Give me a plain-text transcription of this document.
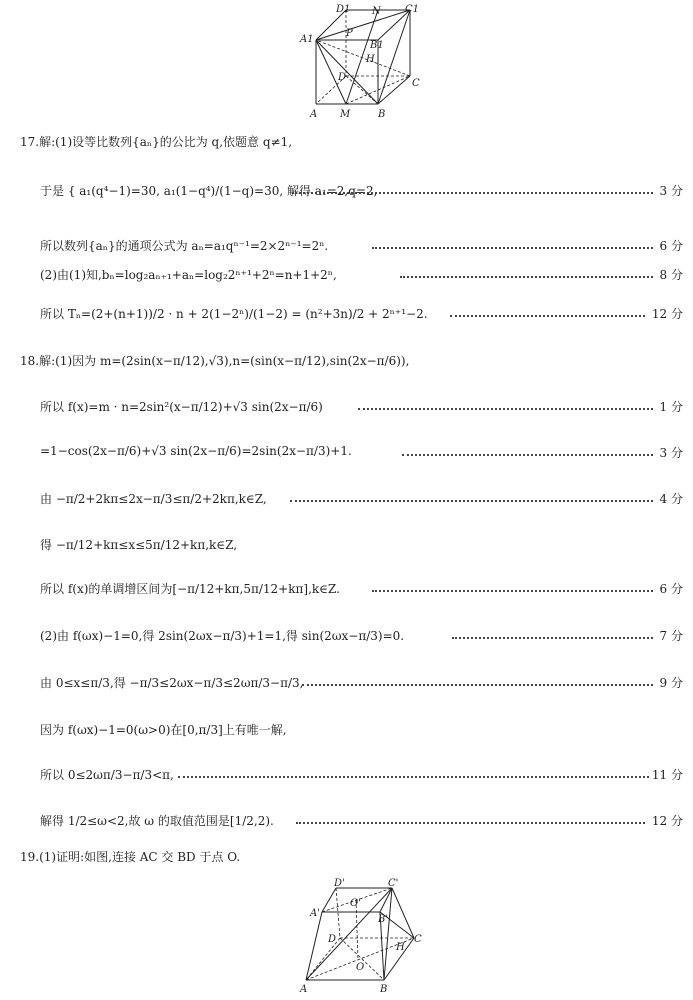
D1 N C1
A1
P
B1
H
D
C
A M	B
17.解:(1)设等比数列{aₙ}的公比为 q,依题意 q≠1,
于是 { a₁(q⁴−1)=30, a₁(1−q⁴)/(1−q)=30, 解得 a₁=2,q=2,	3 分
所以数列{aₙ}的通项公式为 aₙ=a₁qⁿ⁻¹=2×2ⁿ⁻¹=2ⁿ.	6 分
(2)由(1)知,bₙ=log₂aₙ₊₁+aₙ=log₂2ⁿ⁺¹+2ⁿ=n+1+2ⁿ,	8 分
所以 Tₙ=(2+(n+1))/2 · n + 2(1−2ⁿ)/(1−2) = (n²+3n)/2 + 2ⁿ⁺¹−2.	12 分
18.解:(1)因为 m=(2sin(x−π/12),√3),n=(sin(x−π/12),sin(2x−π/6)),
所以 f(x)=m · n=2sin²(x−π/12)+√3 sin(2x−π/6)	1 分
=1−cos(2x−π/6)+√3 sin(2x−π/6)=2sin(2x−π/3)+1.	3 分
由 −π/2+2kπ≤2x−π/3≤π/2+2kπ,k∈Z,	4 分
得 −π/12+kπ≤x≤5π/12+kπ,k∈Z,
所以 f(x)的单调增区间为[−π/12+kπ,5π/12+kπ],k∈Z.	6 分
(2)由 f(ωx)−1=0,得 2sin(2ωx−π/3)+1=1,得 sin(2ωx−π/3)=0.	7 分
由 0≤x≤π/3,得 −π/3≤2ωx−π/3≤2ωπ/3−π/3,	9 分
因为 f(ωx)−1=0(ω>0)在[0,π/3]上有唯一解,
所以 0≤2ωπ/3−π/3<π,	11 分
解得 1/2≤ω<2,故 ω 的取值范围是[1/2,2).	12 分
19.(1)证明:如图,连接 AC 交 BD 于点 O.
D'	C'
A'
O'
B'
D	C
H
O
A	B
